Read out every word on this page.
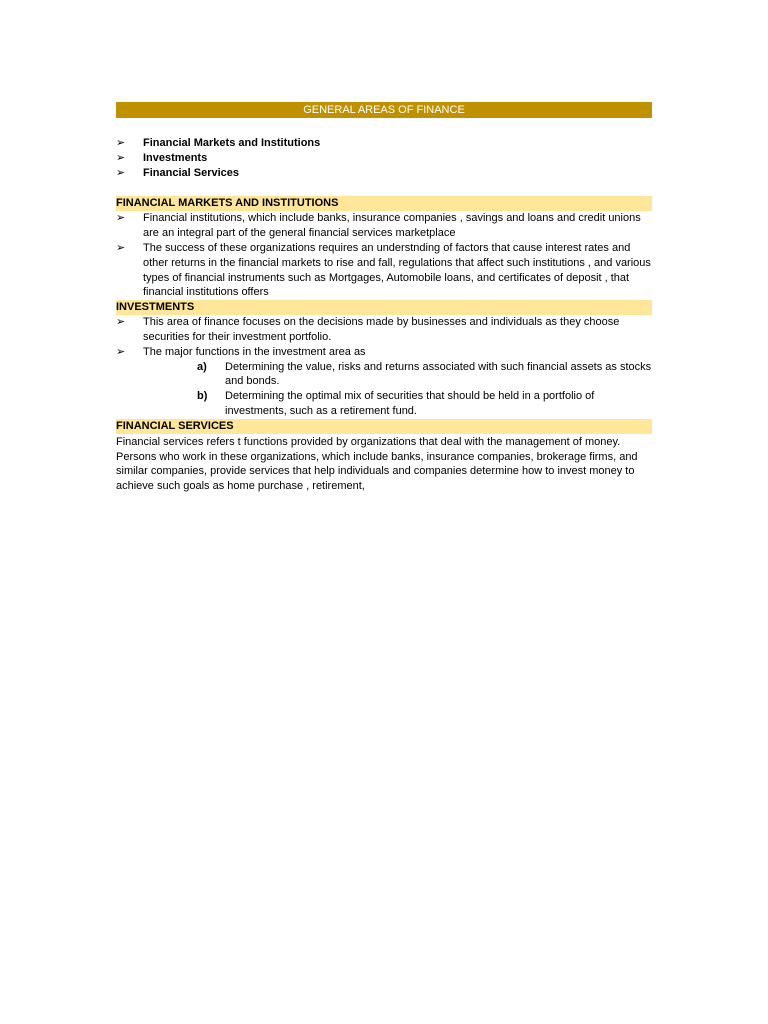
GENERAL AREAS OF FINANCE
➢	Financial Markets and Institutions
➢	Investments
➢	Financial Services
FINANCIAL MARKETS AND INSTITUTIONS
➢	Financial institutions, which include banks, insurance companies , savings and loans and credit unions are an integral part of the general financial services marketplace
➢	The success of these organizations requires an understnding of factors that cause interest rates and other returns in the financial markets to rise and fall, regulations that affect such institutions , and various types of financial instruments such as Mortgages, Automobile loans, and certificates of deposit , that financial institutions offers
INVESTMENTS
➢	This area of finance focuses on the decisions made by businesses and individuals as they choose securities for their investment portfolio.
➢	The major functions in the investment area as
a)	Determining the value, risks and returns associated with such financial assets as stocks and bonds.
b)	Determining the optimal mix of securities that should be held in a portfolio of investments, such as a retirement fund.
FINANCIAL SERVICES
Financial services refers t functions provided by organizations that deal with the management of money. Persons who work in these organizations, which include banks, insurance companies, brokerage firms, and similar companies, provide services that help individuals and companies determine how to invest money to achieve such goals as home purchase , retirement,
